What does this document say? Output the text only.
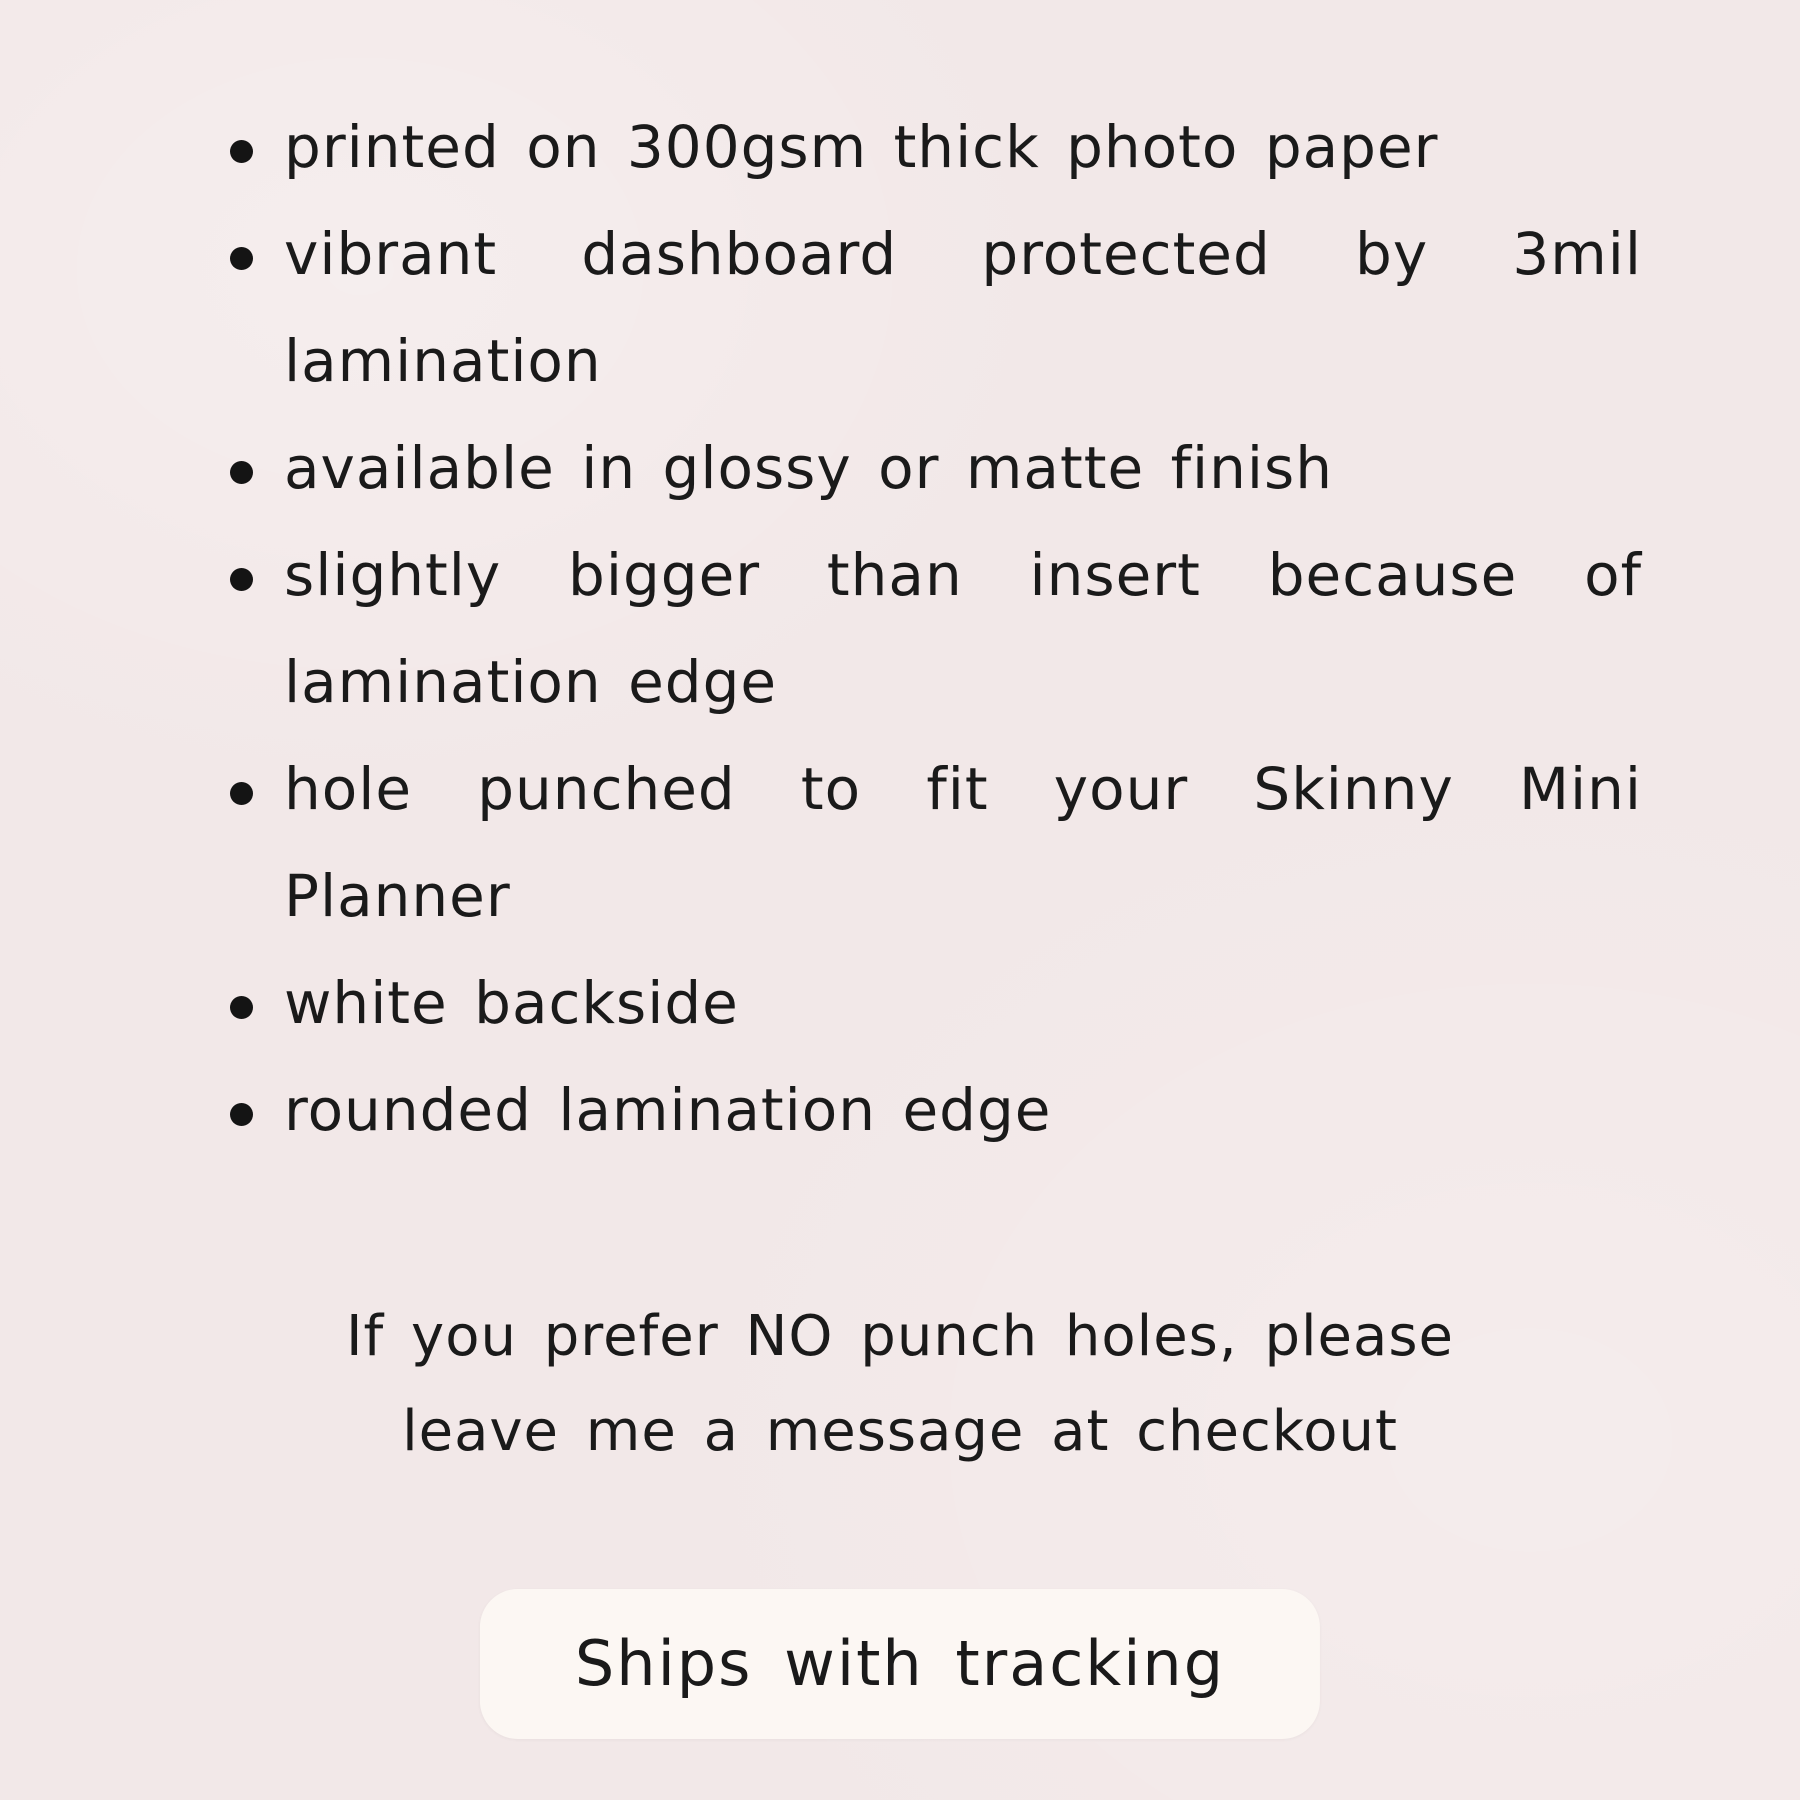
printed on 300gsm thick photo paper
vibrant dashboard protected by 3mil
lamination
available in glossy or matte finish
slightly bigger than insert because of
lamination edge
hole punched to fit your Skinny Mini
Planner
white backside
rounded lamination edge
If you prefer NO punch holes, please
leave me a message at checkout
Ships with tracking
